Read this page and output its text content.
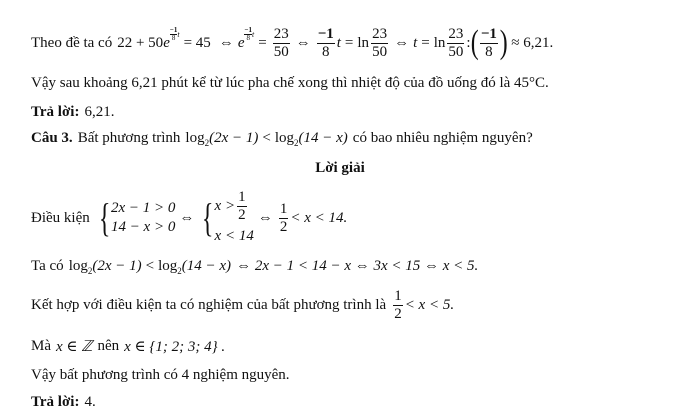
Theo đề ta có 22 + 50 e
−1
8 t
= 45 ⇔ e
−1
8 t
= $\frac{23}{50}$ ⇔ $\frac{-1}{8}$ $t = \ln \frac{23}{50}$ ⇔ $t = \ln \frac{23}{50}$ : ( $\frac{-1}{8}$ ) ≈ 6,21.
Vậy sau khoảng 6,21 phút kể từ lúc pha chế xong thì nhiệt độ của đồ uống đó là 45°C.
Trả lời: 6,21.
Câu 3. Bất phương trình log 2 (2x − 1) < log 2 (14 − x) có bao nhiêu nghiệm nguyên?
Lời giải
Điều kiện { 2x − 1 > 0
14 − x > 0
⇔ { $x > \frac{1}{2}$
x < 14
⇔ $\frac{1}{2} < x < 14$.
Ta có log 2 (2x − 1) < log 2 (14 − x) ⇔ 2x − 1 < 14 − x ⇔ 3x < 15 ⇔ x < 5.
Kết hợp với điều kiện ta có nghiệm của bất phương trình là $\frac{1}{2} < x < 5$.
Mà x ∈ ℤ nên x ∈ {1; 2; 3; 4} .
Vậy bất phương trình có 4 nghiệm nguyên.
Trả lời: 4.
